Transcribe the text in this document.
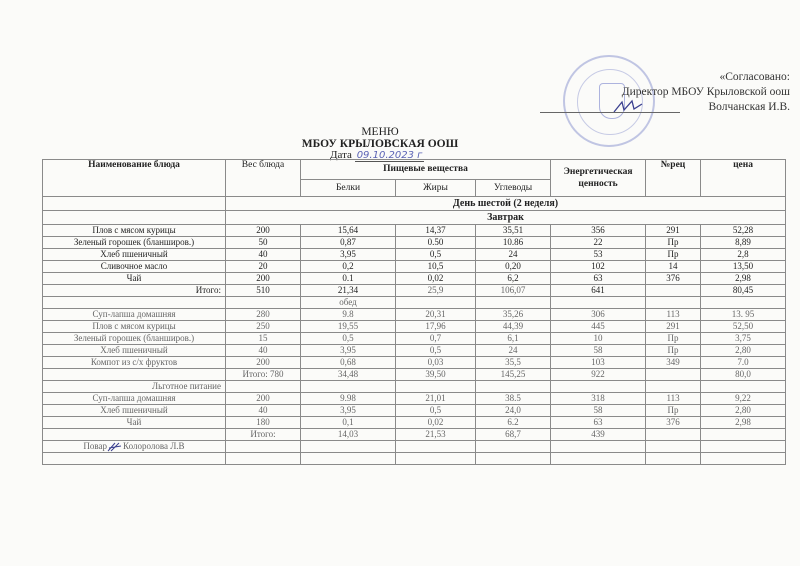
«Согласовано:
Директор МБОУ Крыловской оош
Волчанская И.В.
МЕНЮ
МБОУ КРЫЛОВСКАЯ ООШ
Дата 09.10.2023 г
Наименование блюда	Вес блюда	Пищевые вещества			Энергетическая ценность	№рец	цена
		Белки	Жиры	Углеводы			
	День шестой (2 неделя)						
	Завтрак						
Плов с мясом курицы	200	15,64	14,37	35,51	356	291	52,28
Зеленый горошек (бланширов.)	50	0,87	0.50	10.86	22	Пр	8,89
Хлеб пшеничный	40	3,95	0,5	24	53	Пр	2,8
Сливочное масло	20	0,2	10,5	0,20	102	14	13,50
Чай	200	0.1	0,02	6,2	63	376	2,98
Итого:	510	21,34	25,9	106,07	641		80,45
		обед					
Суп-лапша домашняя	280	9.8	20,31	35,26	306	113	13. 95
Плов с мясом курицы	250	19,55	17,96	44,39	445	291	52,50
Зеленый горошек (бланширов.)	15	0,5	0,7	6,1	10	Пр	3,75
Хлеб пшеничный	40	3,95	0,5	24	58	Пр	2,80
Компот из с/х фруктов	200	0,68	0,03	35,5	103	349	7.0
	Итого: 780	34,48	39,50	145,25	922		80,0
Льготное питание							
Суп-лапша домашняя	200	9.98	21,01	38.5	318	113	9,22
Хлеб пшеничный	40	3,95	0,5	24,0	58	Пр	2,80
Чай	180	0,1	0,02	6.2	63	376	2,98
	Итого:	14,03	21,53	68,7	439		
Повар Колоролова Л.В							
